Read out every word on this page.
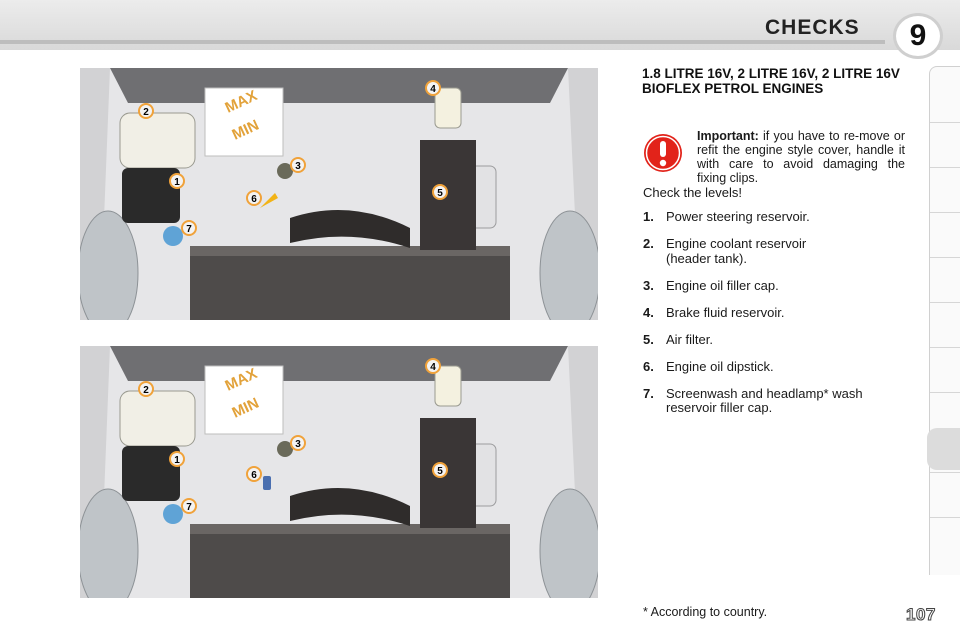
CHECKS	9
MAX
MIN
1
2
3
4
5
6
7
MAX
MIN
1
2
3
4
5
6
7
1.8 LITRE 16V, 2 LITRE 16V, 2 LITRE 16V BIOFLEX PETROL ENGINES

Important: if you have to re-move or refit the engine style cover, handle it with care to avoid damaging the fixing clips.

Check the levels!

1. Power steering reservoir.
2. Engine coolant reservoir (header tank).
3. Engine oil filler cap.
4. Brake fluid reservoir.
5. Air filter.
6. Engine oil dipstick.
7. Screenwash and headlamp* wash reservoir filler cap.

* According to country.	107
